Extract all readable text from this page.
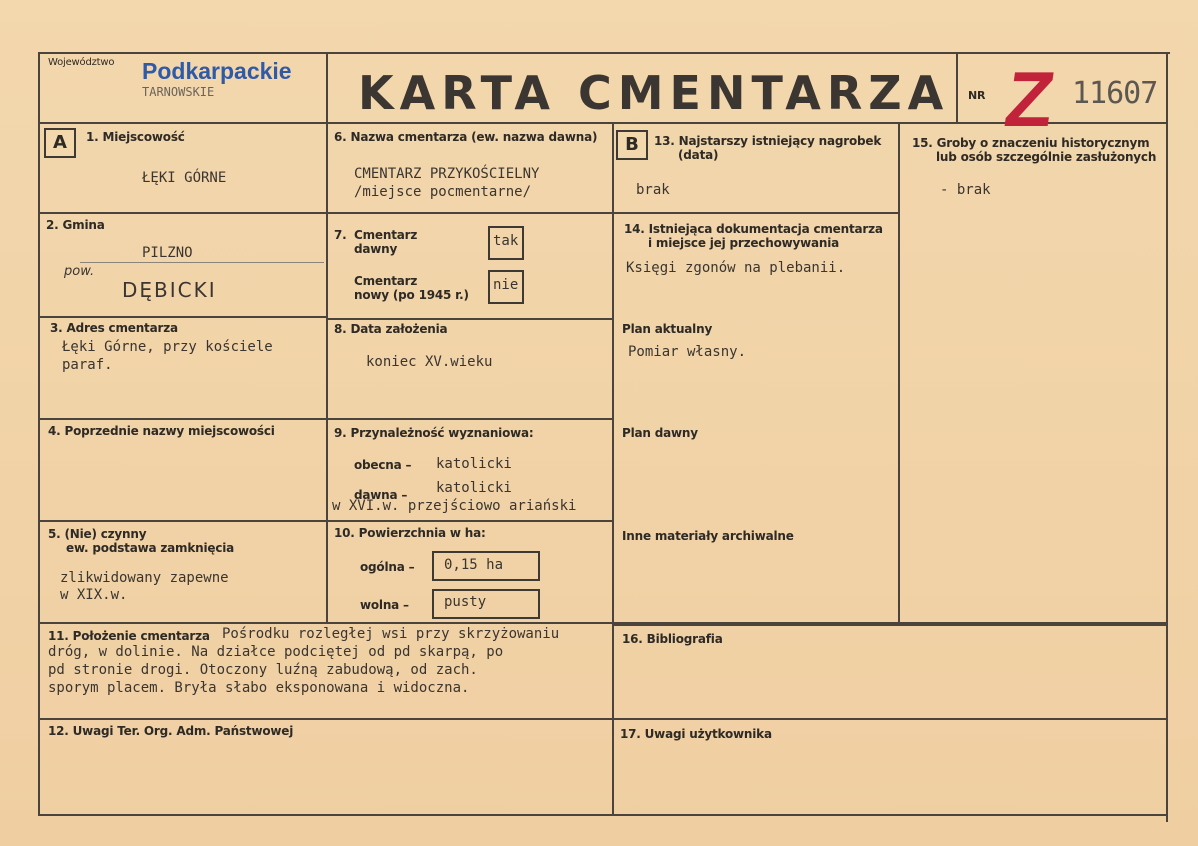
Województwo Podkarpackie
TARNOWSKIE	KARTA CMENTARZA NR Z 11607
A	B
1. Miejscowość
ŁĘKI GÓRNE
2. Gmina
PILZNO
pow.
DĘBICKI
3. Adres cmentarza
Łęki Górne, przy kościele
paraf.
4. Poprzednie nazwy miejscowości
5. (Nie) czynny
ew. podstawa zamknięcia
zlikwidowany zapewne
w XIX.w.
6. Nazwa cmentarza (ew. nazwa dawna)
CMENTARZ PRZYKOŚCIELNY
/miejsce pocmentarne/
7. Cmentarz
dawny	tak
Cmentarz
nowy (po 1945 r.)
nie
8. Data założenia
koniec XV.wieku
9. Przynależność wyznaniowa:
obecna – katolicki
dawna – katolicki
w XVI.w. przejściowo ariański
10. Powierzchnia w ha:
ogólna – 0,15 ha
wolna –	pusty
11. Położenie cmentarza Pośrodku rozległej wsi przy skrzyżowaniu
dróg, w dolinie. Na działce podciętej od pd skarpą, po
pd stronie drogi. Otoczony luźną zabudową, od zach.
sporym placem. Bryła słabo eksponowana i widoczna.
12. Uwagi Ter. Org. Adm. Państwowej
13. Najstarszy istniejący nagrobek
(data)
brak
14. Istniejąca dokumentacja cmentarza
i miejsce jej przechowywania
Księgi zgonów na plebanii.
Plan aktualny
Pomiar własny.
Plan dawny
Inne materiały archiwalne
15. Groby o znaczeniu historycznym
lub osób szczególnie zasłużonych
- brak
16. Bibliografia
17. Uwagi użytkownika
